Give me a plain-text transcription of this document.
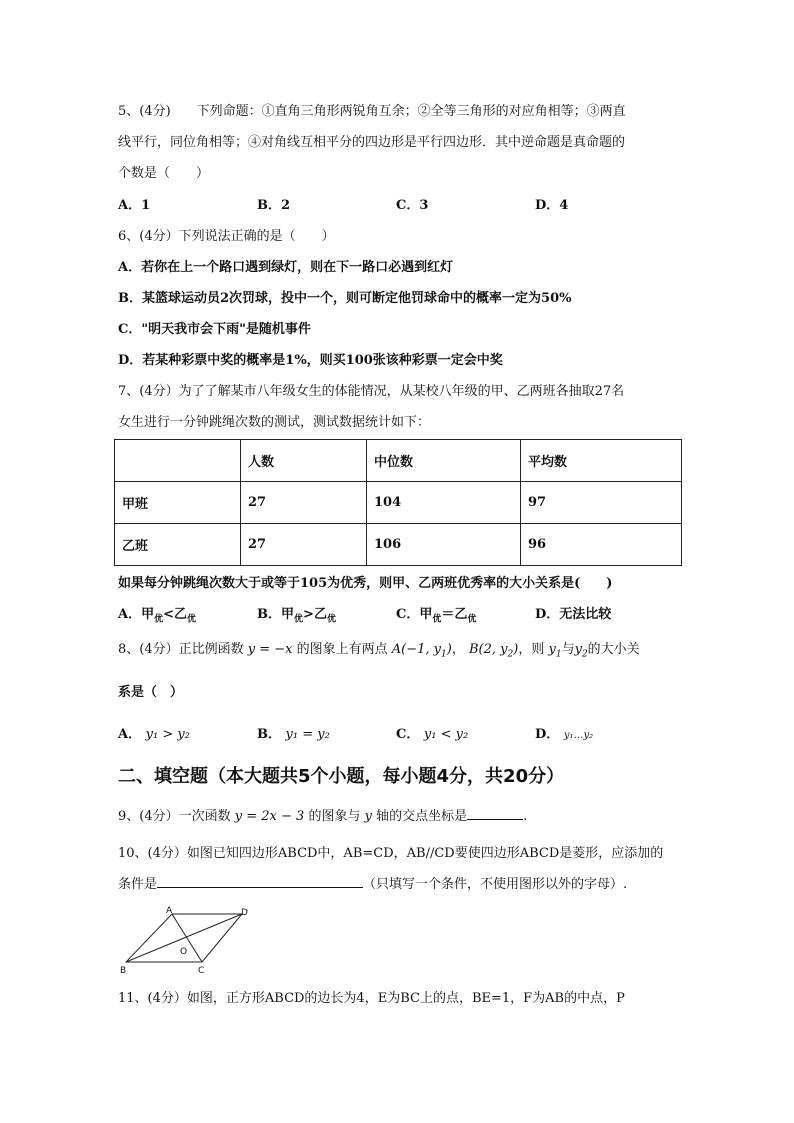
5、(4分)　　下列命题：①直角三角形两锐角互余；②全等三角形的对应角相等；③两直
线平行，同位角相等；④对角线互相平分的四边形是平行四边形．其中逆命题是真命题的
个数是（　　）
A．1	B．2	C．3	D．4
6、(4分）下列说法正确的是（　　）
A．若你在上一个路口遇到绿灯，则在下一路口必遇到红灯
B．某篮球运动员2次罚球，投中一个，则可断定他罚球命中的概率一定为50%
C．"明天我市会下雨"是随机事件
D．若某种彩票中奖的概率是1%，则买100张该种彩票一定会中奖
7、(4分）为了了解某市八年级女生的体能情况，从某校八年级的甲、乙两班各抽取27名
女生进行一分钟跳绳次数的测试，测试数据统计如下：
	人数	中位数	平均数
甲班	27	104	97
乙班	27	106	96
如果每分钟跳绳次数大于或等于105为优秀，则甲、乙两班优秀率的大小关系是(　　)
A．甲$_优$<乙$_优$	B．甲$_优$>乙$_优$	C．甲$_优$＝乙$_优$	D．无法比较
8、(4分）正比例函数 y = −x 的图象上有两点 A(−1, $y_1$)， B(2, $y_2$)，则 $y_1$与$y_2$的大小关
系是（　）
A． y₁ > y₂	B． y₁ = y₂	C． y₁ < y₂	D． y₁…y₂
二、填空题（本大题共5个小题，每小题4分，共20分）
9、(4分）一次函数 y = 2x − 3 的图象与 y 轴的交点坐标是	.
10、(4分）如图已知四边形ABCD中，AB=CD，AB//CD要使四边形ABCD是菱形，应添加的
条件是	（只填写一个条件，不使用图形以外的字母）.
A	D
B	C
O
11、(4分）如图，正方形ABCD的边长为4，E为BC上的点，BE=1，F为AB的中点，P
